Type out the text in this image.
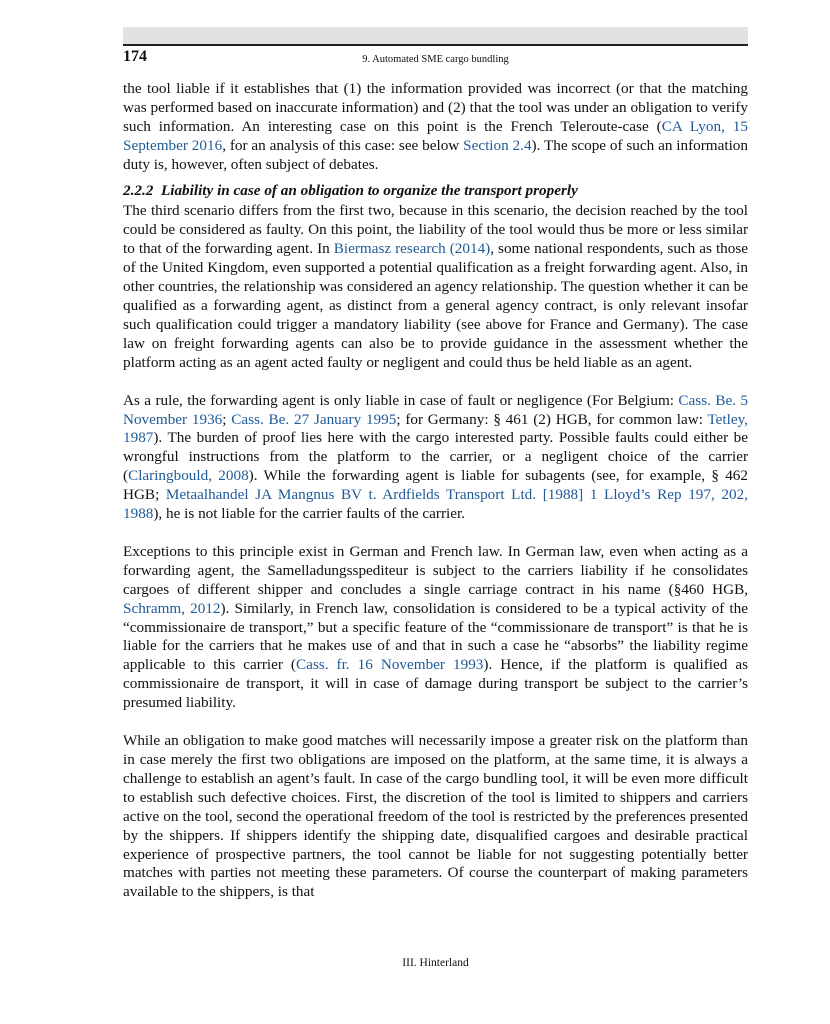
174	9. Automated SME cargo bundling

the tool liable if it establishes that (1) the information provided was incorrect (or that the matching was performed based on inaccurate information) and (2) that the tool was under an obligation to verify such information. An interesting case on this point is the French Teleroute-case (CA Lyon, 15 September 2016, for an analysis of this case: see below Section 2.4). The scope of such an information duty is, however, often subject of debates.

2.2.2 Liability in case of an obligation to organize the transport properly

The third scenario differs from the first two, because in this scenario, the decision reached by the tool could be considered as faulty. On this point, the liability of the tool would thus be more or less similar to that of the forwarding agent. In Biermasz research (2014), some national respondents, such as those of the United Kingdom, even supported a potential qualification as a freight forwarding agent. Also, in other countries, the relationship was considered an agency relationship. The question whether it can be qualified as a forwarding agent, as distinct from a general agency contract, is only relevant insofar such qualification could trigger a mandatory liability (see above for France and Germany). The case law on freight forwarding agents can also be to provide guidance in the assessment whether the platform acting as an agent acted faulty or negligent and could thus be held liable as an agent.

As a rule, the forwarding agent is only liable in case of fault or negligence (For Belgium: Cass. Be. 5 November 1936; Cass. Be. 27 January 1995; for Germany: § 461 (2) HGB, for common law: Tetley, 1987). The burden of proof lies here with the cargo interested party. Possible faults could either be wrongful instructions from the platform to the carrier, or a negligent choice of the carrier (Claringbould, 2008). While the forwarding agent is liable for subagents (see, for example, § 462 HGB; Metaalhandel JA Mangnus BV t. Ardfields Transport Ltd. [1988] 1 Lloyd’s Rep 197, 202, 1988), he is not liable for the carrier faults of the carrier.

Exceptions to this principle exist in German and French law. In German law, even when acting as a forwarding agent, the Samelladungsspediteur is subject to the carriers liability if he consolidates cargoes of different shipper and concludes a single carriage contract in his name (§460 HGB, Schramm, 2012). Similarly, in French law, consolidation is considered to be a typical activity of the “commissionaire de transport,” but a specific feature of the “commissionare de transport” is that he is liable for the carriers that he makes use of and that in such a case he “absorbs” the liability regime applicable to this carrier (Cass. fr. 16 November 1993). Hence, if the platform is qualified as commissionaire de transport, it will in case of damage during transport be subject to the carrier’s presumed liability.

While an obligation to make good matches will necessarily impose a greater risk on the platform than in case merely the first two obligations are imposed on the platform, at the same time, it is always a challenge to establish an agent’s fault. In case of the cargo bundling tool, it will be even more difficult to establish such defective choices. First, the discretion of the tool is limited to shippers and carriers active on the tool, second the operational freedom of the tool is restricted by the preferences presented by the shippers. If shippers identify the shipping date, disqualified cargoes and desirable practical experience of prospective partners, the tool cannot be liable for not suggesting potentially better matches with parties not meeting these parameters. Of course the counterpart of making parameters available to the shippers, is that

III. Hinterland
